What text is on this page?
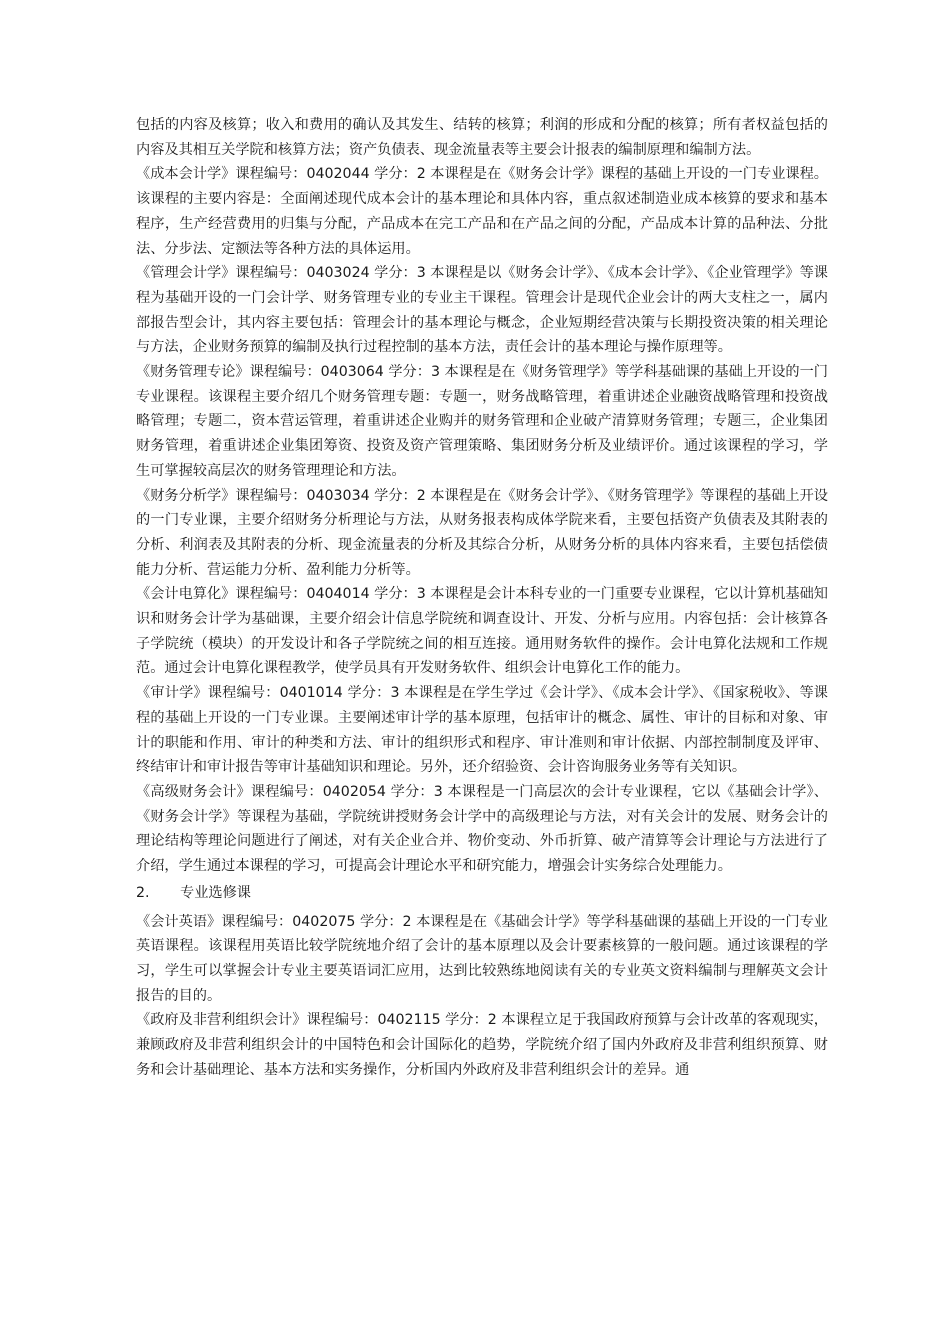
包括的内容及核算；收入和费用的确认及其发生、结转的核算；利润的形成和分配的核算；所有者权益包括的内容及其相互关学院和核算方法；资产负债表、现金流量表等主要会计报表的编制原理和编制方法。

《成本会计学》课程编号：0402044 学分：2 本课程是在《财务会计学》课程的基础上开设的一门专业课程。该课程的主要内容是：全面阐述现代成本会计的基本理论和具体内容，重点叙述制造业成本核算的要求和基本程序，生产经营费用的归集与分配，产品成本在完工产品和在产品之间的分配，产品成本计算的品种法、分批法、分步法、定额法等各种方法的具体运用。

《管理会计学》课程编号：0403024 学分：3 本课程是以《财务会计学》、《成本会计学》、《企业管理学》等课程为基础开设的一门会计学、财务管理专业的专业主干课程。管理会计是现代企业会计的两大支柱之一，属内部报告型会计，其内容主要包括：管理会计的基本理论与概念，企业短期经营决策与长期投资决策的相关理论与方法，企业财务预算的编制及执行过程控制的基本方法，责任会计的基本理论与操作原理等。

《财务管理专论》课程编号：0403064 学分：3 本课程是在《财务管理学》等学科基础课的基础上开设的一门专业课程。该课程主要介绍几个财务管理专题：专题一，财务战略管理，着重讲述企业融资战略管理和投资战略管理；专题二，资本营运管理，着重讲述企业购并的财务管理和企业破产清算财务管理；专题三，企业集团财务管理，着重讲述企业集团筹资、投资及资产管理策略、集团财务分析及业绩评价。通过该课程的学习，学生可掌握较高层次的财务管理理论和方法。

《财务分析学》课程编号：0403034 学分：2 本课程是在《财务会计学》、《财务管理学》等课程的基础上开设的一门专业课，主要介绍财务分析理论与方法，从财务报表构成体学院来看，主要包括资产负债表及其附表的分析、利润表及其附表的分析、现金流量表的分析及其综合分析，从财务分析的具体内容来看，主要包括偿债能力分析、营运能力分析、盈利能力分析等。

《会计电算化》课程编号：0404014 学分：3 本课程是会计本科专业的一门重要专业课程，它以计算机基础知识和财务会计学为基础课，主要介绍会计信息学院统和调查设计、开发、分析与应用。内容包括：会计核算各子学院统（模块）的开发设计和各子学院统之间的相互连接。通用财务软件的操作。会计电算化法规和工作规范。通过会计电算化课程教学，使学员具有开发财务软件、组织会计电算化工作的能力。

《审计学》课程编号：0401014 学分：3 本课程是在学生学过《会计学》、《成本会计学》、《国家税收》、等课程的基础上开设的一门专业课。主要阐述审计学的基本原理，包括审计的概念、属性、审计的目标和对象、审计的职能和作用、审计的种类和方法、审计的组织形式和程序、审计准则和审计依据、内部控制制度及评审、终结审计和审计报告等审计基础知识和理论。另外，还介绍验资、会计咨询服务业务等有关知识。

《高级财务会计》课程编号：0402054 学分：3 本课程是一门高层次的会计专业课程，它以《基础会计学》、《财务会计学》等课程为基础，学院统讲授财务会计学中的高级理论与方法，对有关会计的发展、财务会计的理论结构等理论问题进行了阐述，对有关企业合并、物价变动、外币折算、破产清算等会计理论与方法进行了介绍，学生通过本课程的学习，可提高会计理论水平和研究能力，增强会计实务综合处理能力。

2.	专业选修课

《会计英语》课程编号：0402075 学分：2 本课程是在《基础会计学》等学科基础课的基础上开设的一门专业英语课程。该课程用英语比较学院统地介绍了会计的基本原理以及会计要素核算的一般问题。通过该课程的学习，学生可以掌握会计专业主要英语词汇应用，达到比较熟练地阅读有关的专业英文资料编制与理解英文会计报告的目的。

《政府及非营利组织会计》课程编号：0402115 学分：2 本课程立足于我国政府预算与会计改革的客观现实，兼顾政府及非营利组织会计的中国特色和会计国际化的趋势，学院统介绍了国内外政府及非营利组织预算、财务和会计基础理论、基本方法和实务操作，分析国内外政府及非营利组织会计的差异。通
